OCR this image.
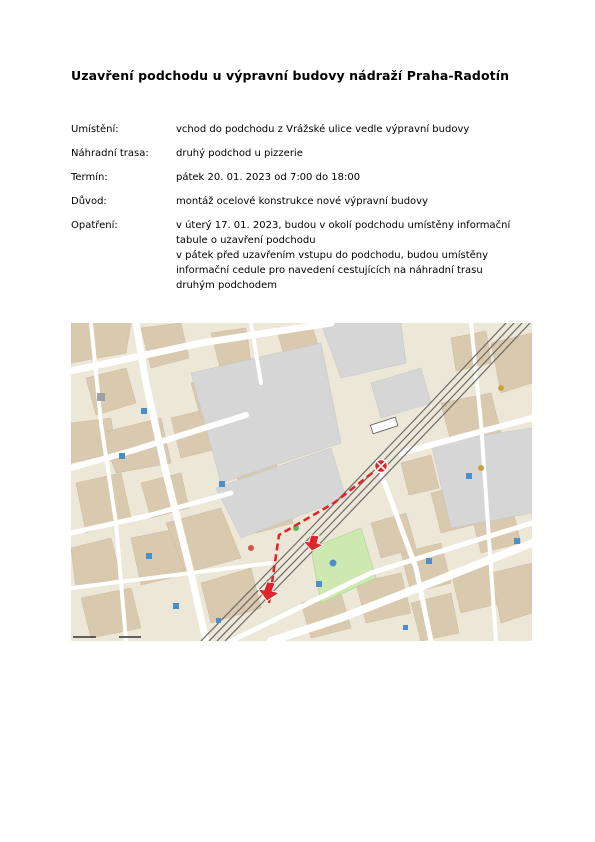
Uzavření podchodu u výpravní budovy nádraží Praha-Radotín
Umístění:	vchod do podchodu z Vrážské ulice vedle výpravní budovy
Náhradní trasa:	druhý podchod u pizzerie
Termín:	pátek 20. 01. 2023 od 7:00 do 18:00
Důvod:	montáž ocelové konstrukce nové výpravní budovy
Opatření:	v úterý 17. 01. 2023, budou v okolí podchodu umístěny informační
tabule o uzavření podchodu
v pátek před uzavřením vstupu do podchodu, budou umístěny
informační cedule pro navedení cestujících na náhradní trasu
druhým podchodem
